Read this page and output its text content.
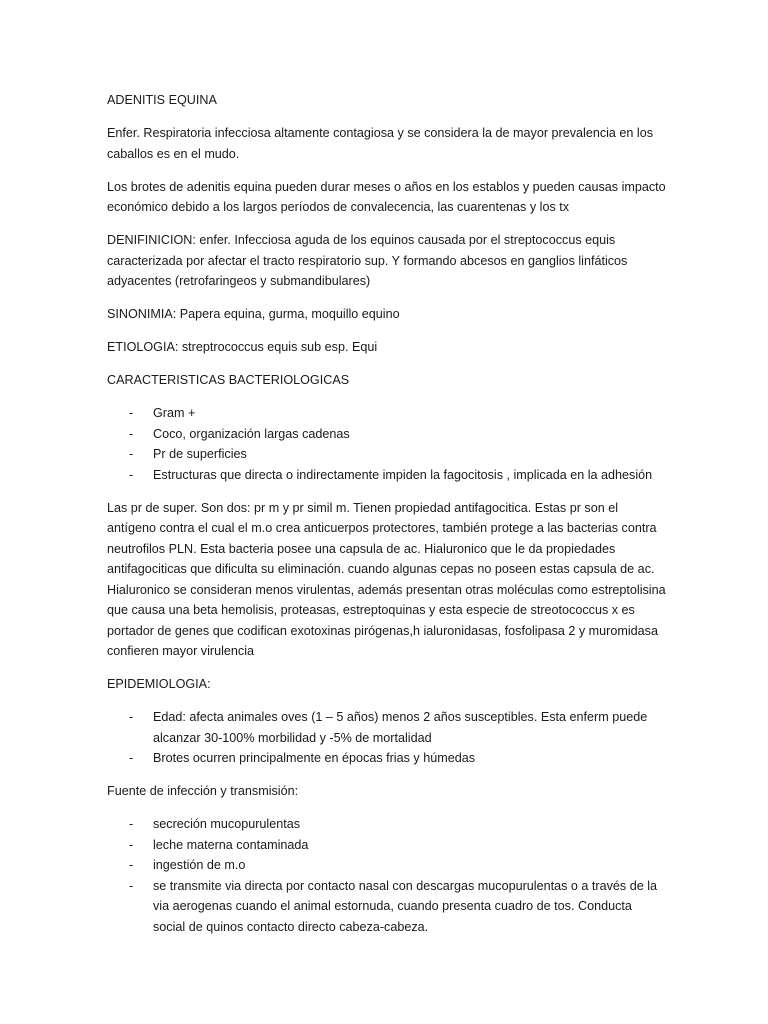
ADENITIS EQUINA

Enfer. Respiratoria infecciosa altamente contagiosa y se considera la de mayor prevalencia en los caballos es en el mudo.

Los brotes de adenitis equina pueden durar meses o años en los establos y pueden causas impacto económico debido a los largos períodos de convalecencia, las cuarentenas y los tx

DENIFINICION: enfer. Infecciosa aguda de los equinos causada por el streptococcus equis caracterizada por afectar el tracto respiratorio sup. Y formando abcesos en ganglios linfáticos adyacentes (retrofaringeos y submandibulares)

SINONIMIA: Papera equina, gurma, moquillo equino

ETIOLOGIA: streptrococcus equis sub esp. Equi

CARACTERISTICAS BACTERIOLOGICAS

- Gram +
- Coco, organización largas cadenas
- Pr de superficies
- Estructuras que directa o indirectamente impiden la fagocitosis , implicada en la adhesión

Las pr de super. Son dos: pr m y pr simil m. Tienen propiedad antifagocitica. Estas pr son el antígeno contra el cual el m.o crea anticuerpos protectores, también protege a las bacterias contra neutrofilos PLN. Esta bacteria posee una capsula de ac. Hialuronico que le da propiedades antifagociticas que dificulta su eliminación. cuando algunas cepas no poseen estas capsula de ac. Hialuronico se consideran menos virulentas, además presentan otras moléculas como estreptolisina que causa una beta hemolisis, proteasas, estreptoquinas y esta especie de streotococcus x es portador de genes que codifican exotoxinas pirógenas,h ialuronidasas, fosfolipasa 2 y muromidasa confieren mayor virulencia

EPIDEMIOLOGIA:

- Edad: afecta animales oves (1 – 5 años) menos 2 años susceptibles. Esta enferm puede alcanzar 30-100% morbilidad y -5% de mortalidad
- Brotes ocurren principalmente en épocas frias y húmedas

Fuente de infección y transmisión:

- secreción mucopurulentas
- leche materna contaminada
- ingestión de m.o
- se transmite via directa por contacto nasal con descargas mucopurulentas o a través de la via aerogenas cuando el animal estornuda, cuando presenta cuadro de tos. Conducta social de quinos contacto directo cabeza-cabeza.
